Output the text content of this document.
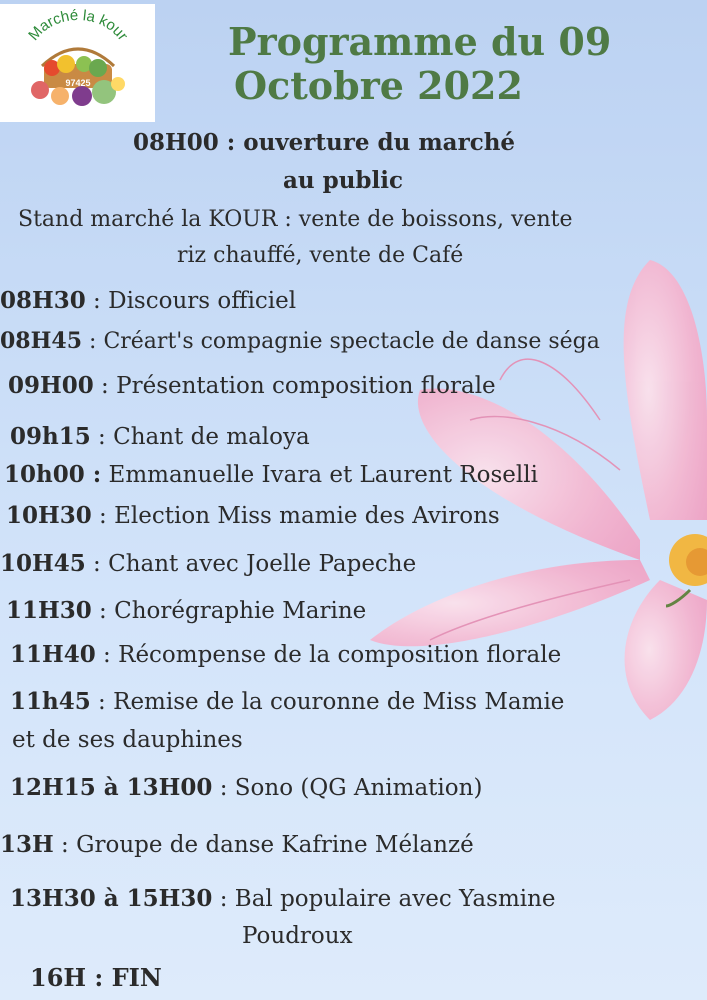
Marché la kour
97425
Programme du 09
Octobre 2022
08H00 : ouverture du marché
au public
Stand marché la KOUR : vente de boissons, vente
riz chauffé, vente de Café
08H30 : Discours officiel
08H45 : Créart's compagnie spectacle de danse séga
09H00 : Présentation composition florale
09h15 : Chant de maloya
10h00 : Emmanuelle Ivara et Laurent Roselli
10H30 : Election Miss mamie des Avirons
10H45 : Chant avec Joelle Papeche
11H30 : Chorégraphie Marine
11H40 : Récompense de la composition florale
11h45 : Remise de la couronne de Miss Mamie
et de ses dauphines
12H15 à 13H00 : Sono (QG Animation)
13H : Groupe de danse Kafrine Mélanzé
13H30 à 15H30 : Bal populaire avec Yasmine
Poudroux
16H : FIN
